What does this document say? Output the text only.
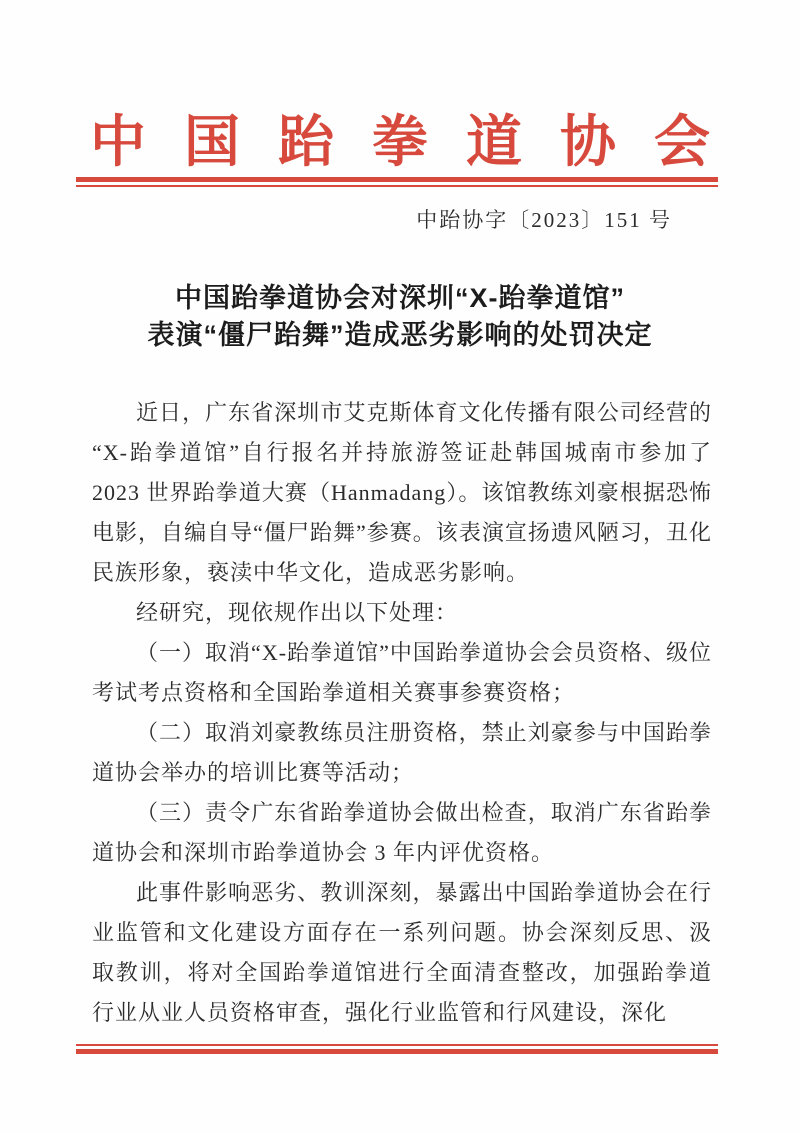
中国跆拳道协会
中跆协字〔2023〕151 号
中国跆拳道协会对深圳“X-跆拳道馆”
表演“僵尸跆舞”造成恶劣影响的处罚决定

近日，广东省深圳市艾克斯体育文化传播有限公司经营的“X-跆拳道馆”自行报名并持旅游签证赴韩国城南市参加了 2023 世界跆拳道大赛（Hanmadang）。该馆教练刘豪根据恐怖电影，自编自导“僵尸跆舞”参赛。该表演宣扬遗风陋习，丑化民族形象，亵渎中华文化，造成恶劣影响。

经研究，现依规作出以下处理：

（一）取消“X-跆拳道馆”中国跆拳道协会会员资格、级位考试考点资格和全国跆拳道相关赛事参赛资格；

（二）取消刘豪教练员注册资格，禁止刘豪参与中国跆拳道协会举办的培训比赛等活动；

（三）责令广东省跆拳道协会做出检查，取消广东省跆拳道协会和深圳市跆拳道协会 3 年内评优资格。

此事件影响恶劣、教训深刻，暴露出中国跆拳道协会在行业监管和文化建设方面存在一系列问题。协会深刻反思、汲取教训，将对全国跆拳道馆进行全面清查整改，加强跆拳道行业从业人员资格审查，强化行业监管和行风建设，深化
